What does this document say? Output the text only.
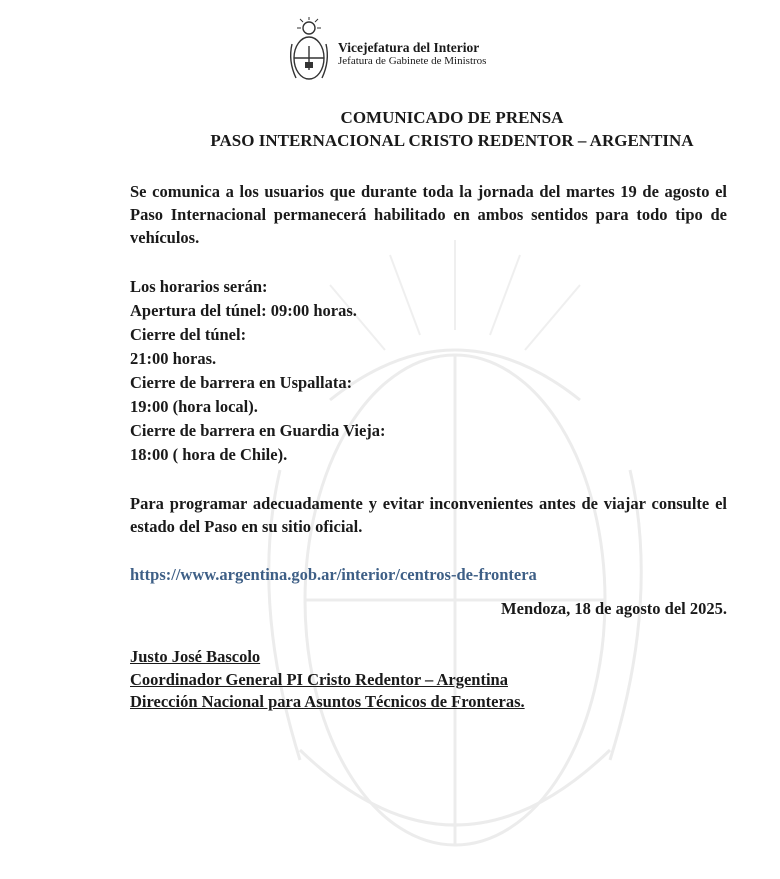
Vicejefatura del Interior
Jefatura de Gabinete de Ministros
COMUNICADO DE PRENSA
PASO INTERNACIONAL CRISTO REDENTOR – ARGENTINA
Se comunica a los usuarios que durante toda la jornada del martes 19 de agosto el Paso Internacional permanecerá habilitado en ambos sentidos para todo tipo de vehículos.
Los horarios serán:
Apertura del túnel: 09:00 horas.
Cierre del túnel:
21:00 horas.
Cierre de barrera en Uspallata:
19:00 (hora local).
Cierre de barrera en Guardia Vieja:
18:00 ( hora de Chile).
Para programar adecuadamente y evitar inconvenientes antes de viajar consulte el estado del Paso en su sitio oficial.
https://www.argentina.gob.ar/interior/centros-de-frontera
Mendoza, 18 de agosto del 2025.
Justo José Bascolo
Coordinador General PI Cristo Redentor – Argentina
Dirección Nacional para Asuntos Técnicos de Fronteras.
